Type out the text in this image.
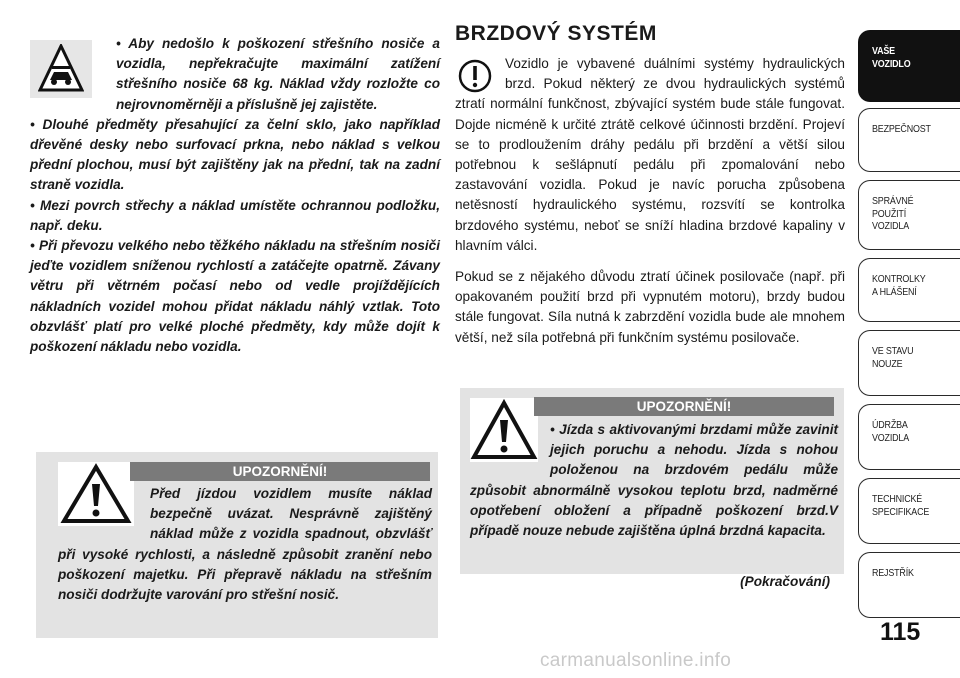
• Aby nedošlo k poškození střešního nosiče a vozidla, nepřekračujte maximální zatížení střešního nosiče 68 kg. Náklad vždy rozložte co nejrovnoměrněji a příslušně jej zajistěte.

• Dlouhé předměty přesahující za čelní sklo, jako například dřevěné desky nebo surfovací prkna, nebo náklad s velkou přední plochou, musí být zajištěny jak na přední, tak na zadní straně vozidla.

• Mezi povrch střechy a náklad umístěte ochrannou podložku, např. deku.

• Při převozu velkého nebo těžkého nákladu na střešním nosiči jeďte vozidlem sníženou rychlostí a zatáčejte opatrně. Závany větru při větrném počasí nebo od vedle projíždějících nákladních vozidel mohou přidat nákladu náhlý vztlak. Toto obzvlášť platí pro velké ploché předměty, kdy může dojít k poškození nákladu nebo vozidla.

UPOZORNĚNÍ!

Před jízdou vozidlem musíte náklad bezpečně uvázat. Nesprávně zajištěný náklad může z vozidla spadnout, obzvlášť při vysoké rychlosti, a následně způsobit zranění nebo poškození majetku. Při přepravě nákladu na střešním nosiči dodržujte varování pro střešní nosič.

BRZDOVÝ SYSTÉM

Vozidlo je vybavené duálními systémy hydraulických brzd. Pokud některý ze dvou hydraulických systémů ztratí normální funkčnost, zbývající systém bude stále fungovat. Dojde nicméně k určité ztrátě celkové účinnosti brzdění. Projeví se to prodloužením dráhy pedálu při brzdění a větší silou potřebnou k sešlápnutí pedálu při zpomalování nebo zastavování vozidla. Pokud je navíc porucha způsobena netěsností hydraulického systému, rozsvítí se kontrolka brzdového systému, neboť se sníží hladina brzdové kapaliny v hlavním válci.

Pokud se z nějakého důvodu ztratí účinek posilovače (např. při opakovaném použití brzd při vypnutém motoru), brzdy budou stále fungovat. Síla nutná k zabrzdění vozidla bude ale mnohem větší, než síla potřebná při funkčním systému posilovače.

UPOZORNĚNÍ!

• Jízda s aktivovanými brzdami může zavinit jejich poruchu a nehodu. Jízda s nohou položenou na brzdovém pedálu může způsobit abnormálně vysokou teplotu brzd, nadměrné opotřebení obložení a případně poškození brzd.V případě nouze nebude zajištěna úplná brzdná kapacita.

(Pokračování)
VAŠE
VOZIDLO
BEZPEČNOST
SPRÁVNÉ
POUŽITÍ
VOZIDLA
KONTROLKY
A HLÁŠENÍ
VE STAVU
NOUZE
ÚDRŽBA
VOZIDLA
TECHNICKÉ
SPECIFIKACE
REJSTŘÍK
115
carmanualsonline.info
